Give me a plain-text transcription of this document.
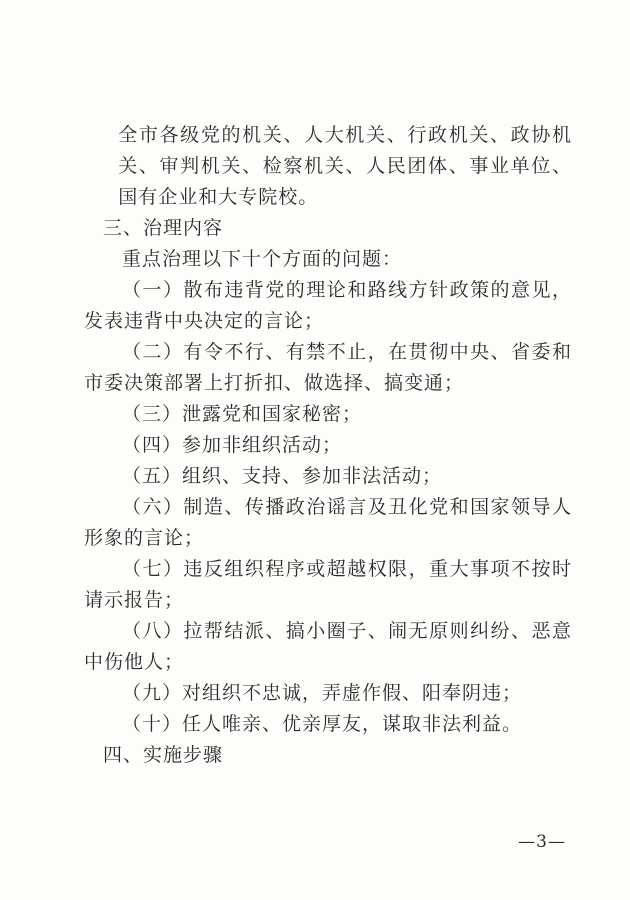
全市各级党的机关、人大机关、行政机关、政协机关、审判机关、检察机关、人民团体、事业单位、国有企业和大专院校。

三、治理内容

重点治理以下十个方面的问题：

（一）散布违背党的理论和路线方针政策的意见，发表违背中央决定的言论；

（二）有令不行、有禁不止，在贯彻中央、省委和市委决策部署上打折扣、做选择、搞变通；

（三）泄露党和国家秘密；

（四）参加非组织活动；

（五）组织、支持、参加非法活动；

（六）制造、传播政治谣言及丑化党和国家领导人形象的言论；

（七）违反组织程序或超越权限，重大事项不按时请示报告；

（八）拉帮结派、搞小圈子、闹无原则纠纷、恶意中伤他人；

（九）对组织不忠诚，弄虚作假、阳奉阴违；

（十）任人唯亲、优亲厚友，谋取非法利益。

四、实施步骤

—3—
